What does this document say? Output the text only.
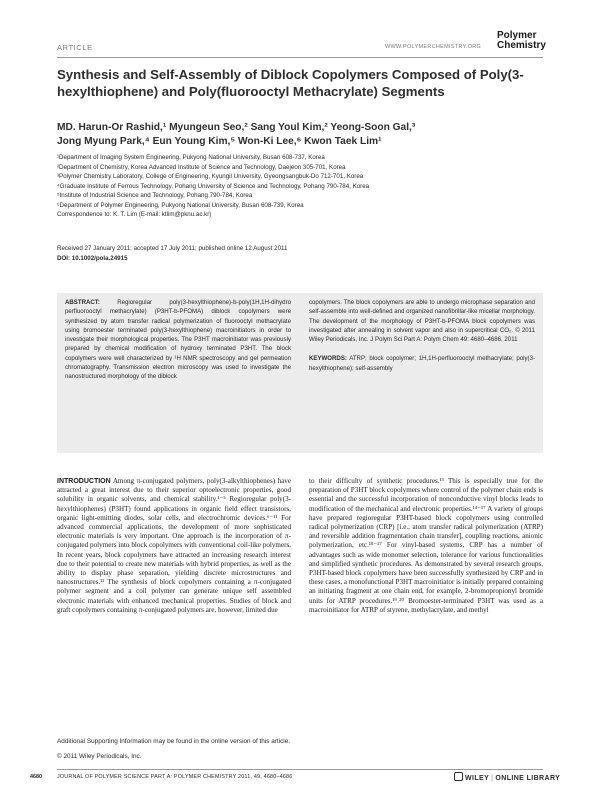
ARTICLE	WWW.POLYMERCHEMISTRY.ORG
Polymer
Chemistry
Synthesis and Self-Assembly of Diblock Copolymers Composed of Poly(3-hexylthiophene) and Poly(fluorooctyl Methacrylate) Segments
MD. Harun-Or Rashid,¹ Myungeun Seo,² Sang Youl Kim,² Yeong-Soon Gal,³
Jong Myung Park,⁴ Eun Young Kim,⁵ Won-Ki Lee,⁶ Kwon Taek Lim¹
¹Department of Imaging System Engineering, Pukyong National University, Busan 608-737, Korea
²Department of Chemistry, Korea Advanced Institute of Science and Technology, Daejeon 305-701, Korea
³Polymer Chemistry Laboratory, College of Engineering, Kyungil University, Gyeongsangbuk-Do 712-701, Korea
⁴Graduate Institute of Ferrous Technology, Pohang University of Science and Technology, Pohang 790-784, Korea
⁵Institute of Industrial Science and Technology, Pohang 790-784, Korea
⁶Department of Polymer Engineering, Pukyong National University, Busan 608-739, Korea
Correspondence to: K. T. Lim (E-mail: ktlim@pknu.ac.kr)
Received 27 January 2011; accepted 17 July 2011; published online 12 August 2011
DOI: 10.1002/pola.24915
ABSTRACT:	Regioregular poly(3-hexylthiophene)-b-poly(1H,1H-dihydro perfluorooctyl methacrylate) (P3HT-b-PFOMA) diblock copolymers were synthesized by atom transfer radical polymerization of fluorooctyl methacrylate using bromoester terminated poly(3-hexylthiophene) macroinitiators in order to investigate their morphological properties. The P3HT macroinitiator was previously prepared by chemical modification of hydroxy terminated P3HT. The block copolymers were well characterized by ¹H NMR spectroscopy and gel permeation chromatography. Transmission electron microscopy was used to investigate the nanostructured morphology of the diblock
copolymers. The block copolymers are able to undergo microphase separation and self-assemble into well-defined and organized nanofibrillar-like micellar morphology. The development of the morphology of P3HT-b-PFOMA block copolymers was investigated after annealing in solvent vapor and also in supercritical CO₂. © 2011 Wiley Periodicals, Inc. J Polym Sci Part A: Polym Chem 49: 4680–4686, 2011
KEYWORDS: ATRP; block copolymer; 1H,1H-perfluorooctyl methacrylate; poly(3-hexylthiophene); self-assembly
INTRODUCTION Among π-conjugated polymers, poly(3-alkylthiophenes) have attracted a great interest due to their superior optoelectronic properties, good solubility in organic solvents, and chemical stability.¹⁻⁵ Regioregular poly(3-hexylthiophenes) (P3HT) found applications in organic field effect transistors, organic light-emitting diodes, solar cells, and electrochromic devices.⁶⁻¹¹ For advanced commercial applications, the development of more sophisticated electronic materials is very important. One approach is the incorporation of π-conjugated polymers into block copolymers with conventional coil-like polymers. In recent years, block copolymers have attracted an increasing research interest due to their potential to create new materials with hybrid properties, as well as the ability to display phase separation, yielding discrete microstructures and nanostructures.¹² The synthesis of block copolymers containing a π-conjugated polymer segment and a coil polymer can generate unique self assembled electronic materials with enhanced mechanical properties. Studies of block and graft copolymers containing π-conjugated polymers are, however, limited due
to their difficulty of synthetic procedures.¹³ This is especially true for the preparation of P3HT block copolymers where control of the polymer chain ends is essential and the successful incorporation of nonconductive vinyl blocks leads to modification of the mechanical and electronic properties.¹⁴⁻¹⁷ A variety of groups have prepared regioregular P3HT-based block copolymers using controlled radical polymerization (CRP) [i.e., atom transfer radical polymerization (ATRP) and reversible addition fragmentation chain transfer], coupling reactions, anionic polymerization, etc.¹⁸⁻²⁷ For vinyl-based systems, CRP has a number of advantages such as wide monomer selection, tolerance for various functionalities and simplified synthetic procedures. As demonstrated by several research groups, P3HT-based block copolymers have been successfully synthesized by CRP and in these cases, a monofunctional P3HT macroinitiator is initially prepared containing an initiating fragment at one chain end, for example, 2-bromopropionyl bromide units for ATRP procedures.¹⁹˒²⁰ Bromoester-terminated P3HT was used as a macroinitiator for ATRP of styrene, methylacrylate, and methyl
Additional Supporting Information may be found in the online version of this article.
© 2011 Wiley Periodicals, Inc.
4680	JOURNAL OF POLYMER SCIENCE PART A: POLYMER CHEMISTRY 2011, 49, 4680–4686	WILEY | ONLINE LIBRARY
